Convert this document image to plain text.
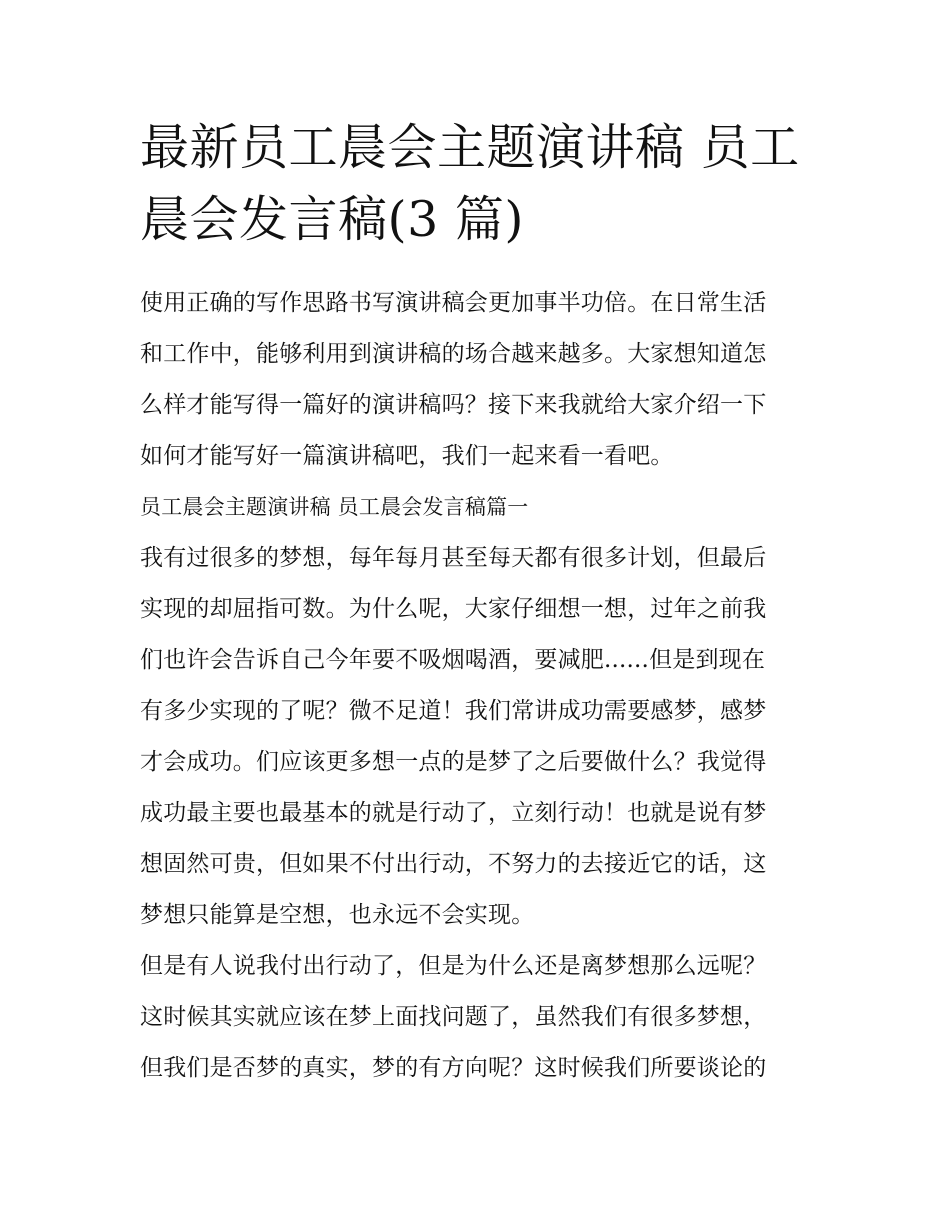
最新员工晨会主题演讲稿 员工
晨会发言稿(3 篇)
使用正确的写作思路书写演讲稿会更加事半功倍。在日常生活
和工作中，能够利用到演讲稿的场合越来越多。大家想知道怎
么样才能写得一篇好的演讲稿吗？接下来我就给大家介绍一下
如何才能写好一篇演讲稿吧，我们一起来看一看吧。
员工晨会主题演讲稿 员工晨会发言稿篇一
我有过很多的梦想，每年每月甚至每天都有很多计划，但最后
实现的却屈指可数。为什么呢，大家仔细想一想，过年之前我
们也许会告诉自己今年要不吸烟喝酒，要减肥......但是到现在
有多少实现的了呢？微不足道！我们常讲成功需要感梦，感梦
才会成功。们应该更多想一点的是梦了之后要做什么？我觉得
成功最主要也最基本的就是行动了，立刻行动！也就是说有梦
想固然可贵，但如果不付出行动，不努力的去接近它的话，这
梦想只能算是空想，也永远不会实现。
但是有人说我付出行动了，但是为什么还是离梦想那么远呢？
这时候其实就应该在梦上面找问题了，虽然我们有很多梦想，
但我们是否梦的真实，梦的有方向呢？这时候我们所要谈论的
